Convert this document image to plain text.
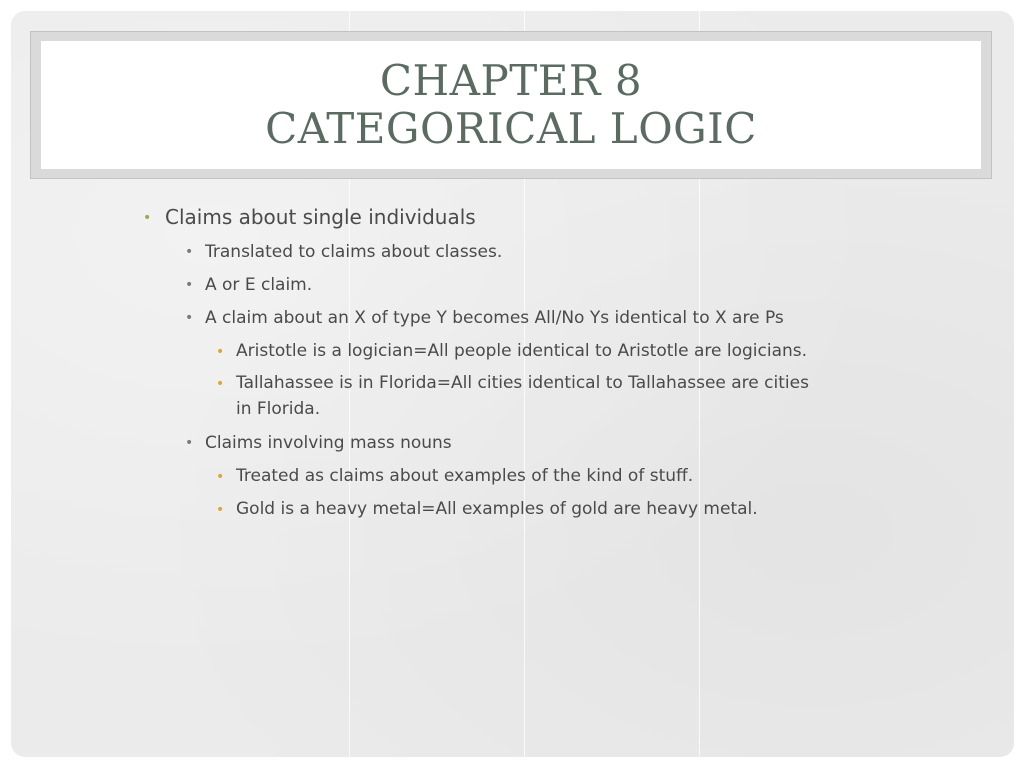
CHAPTER 8
CATEGORICAL LOGIC
• Claims about single individuals
• Translated to claims about classes.
• A or E claim.
• A claim about an X of type Y becomes All/No Ys identical to X are Ps
• Aristotle is a logician=All people identical to Aristotle are logicians.
• Tallahassee is in Florida=All cities identical to Tallahassee are cities
in Florida.
• Claims involving mass nouns
• Treated as claims about examples of the kind of stuff.
• Gold is a heavy metal=All examples of gold are heavy metal.
